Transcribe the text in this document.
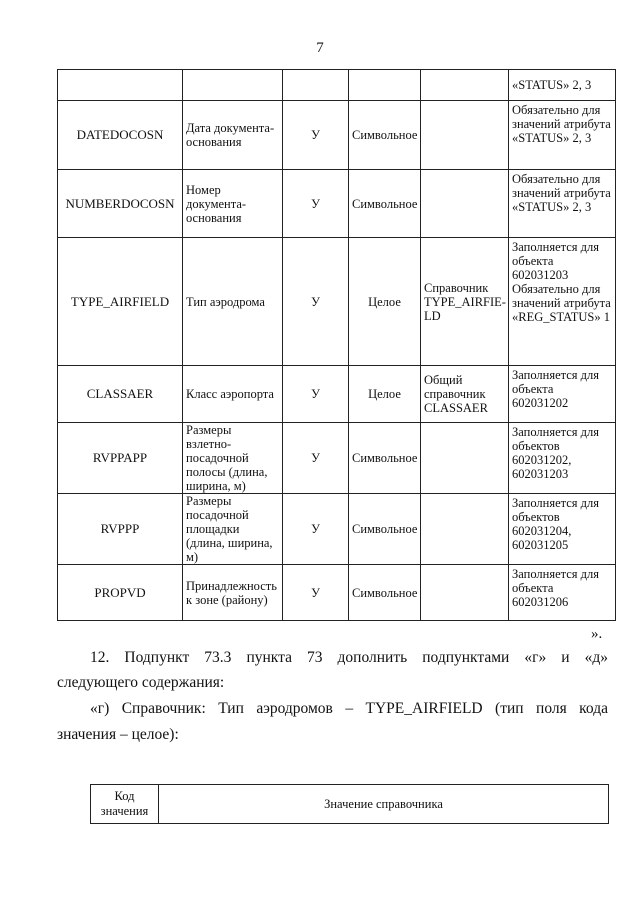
7
					«STATUS» 2, 3
DATEDOCOSN	Дата документа-основания	У	Символьное		Обязательно для значений атрибута «STATUS» 2, 3
NUMBERDOCOSN	Номер документа-основания	У	Символьное		Обязательно для значений атрибута «STATUS» 2, 3
TYPE_AIRFIELD	Тип аэродрома	У	Целое	Справочник TYPE_AIRFIE-LD	Заполняется для объекта 602031203 Обязательно для значений атрибута «REG_STATUS» 1
CLASSAER	Класс аэропорта	У	Целое	Общий справочник CLASSAER	Заполняется для объекта 602031202
RVPPAPP	Размеры взлетно-посадочной полосы (длина, ширина, м)	У	Символьное		Заполняется для объектов 602031202, 602031203
RVPPP	Размеры посадочной площадки (длина, ширина, м)	У	Символьное		Заполняется для объектов 602031204, 602031205
PROPVD	Принадлежность к зоне (району)	У	Символьное		Заполняется для объекта 602031206
».
12. Подпункт 73.3 пункта 73 дополнить подпунктами «г» и «д»
следующего содержания:
«г) Справочник: Тип аэродромов – TYPE_AIRFIELD (тип поля кода
значения – целое):
Код значения	Значение справочника
